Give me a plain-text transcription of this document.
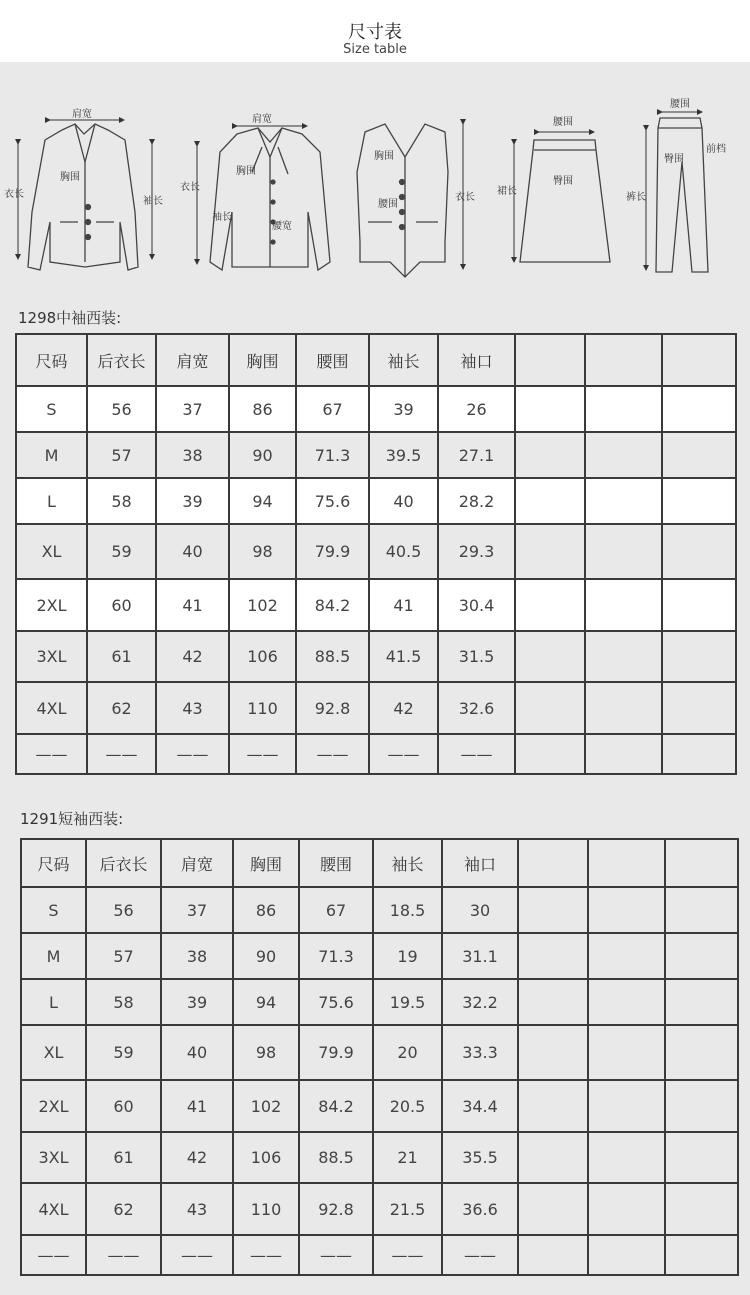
尺寸表
Size table
肩宽
衣长
胸围
袖长
肩宽
衣长
胸围
袖长
腰宽
胸围
腰围
衣长
腰围
臀围
裙长
腰围
臀围
前档
裤长
1298中袖西装:
尺码	后衣长	肩宽	胸围	腰围	袖长	袖口			
S	56	37	86	67	39	26			
M	57	38	90	71.3	39.5	27.1			
L	58	39	94	75.6	40	28.2			
XL	59	40	98	79.9	40.5	29.3			
2XL	60	41	102	84.2	41	30.4			
3XL	61	42	106	88.5	41.5	31.5			
4XL	62	43	110	92.8	42	32.6			
——	——	——	——	——	——	——			
1291短袖西装:
尺码	后衣长	肩宽	胸围	腰围	袖长	袖口			
S	56	37	86	67	18.5	30			
M	57	38	90	71.3	19	31.1			
L	58	39	94	75.6	19.5	32.2			
XL	59	40	98	79.9	20	33.3			
2XL	60	41	102	84.2	20.5	34.4			
3XL	61	42	106	88.5	21	35.5			
4XL	62	43	110	92.8	21.5	36.6			
——	——	——	——	——	——	——			
